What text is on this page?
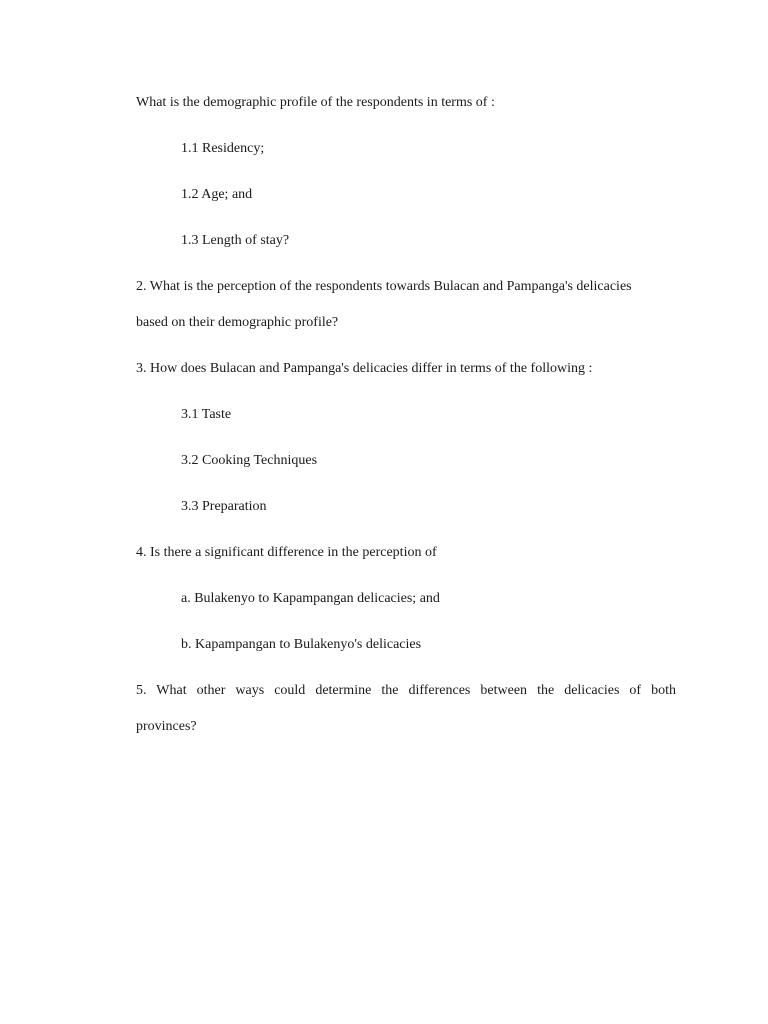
What is the demographic profile of the respondents in terms of :
1.1 Residency;
1.2 Age; and
1.3 Length of stay?
2. What is the perception of the respondents towards Bulacan and Pampanga's delicacies
based on their demographic profile?
3. How does Bulacan and Pampanga's delicacies differ in terms of the following :
3.1 Taste
3.2 Cooking Techniques
3.3 Preparation
4. Is there a significant difference in the perception of
a. Bulakenyo to Kapampangan delicacies; and
b. Kapampangan to Bulakenyo's delicacies
5. What other ways could determine the differences between the delicacies of both
provinces?
